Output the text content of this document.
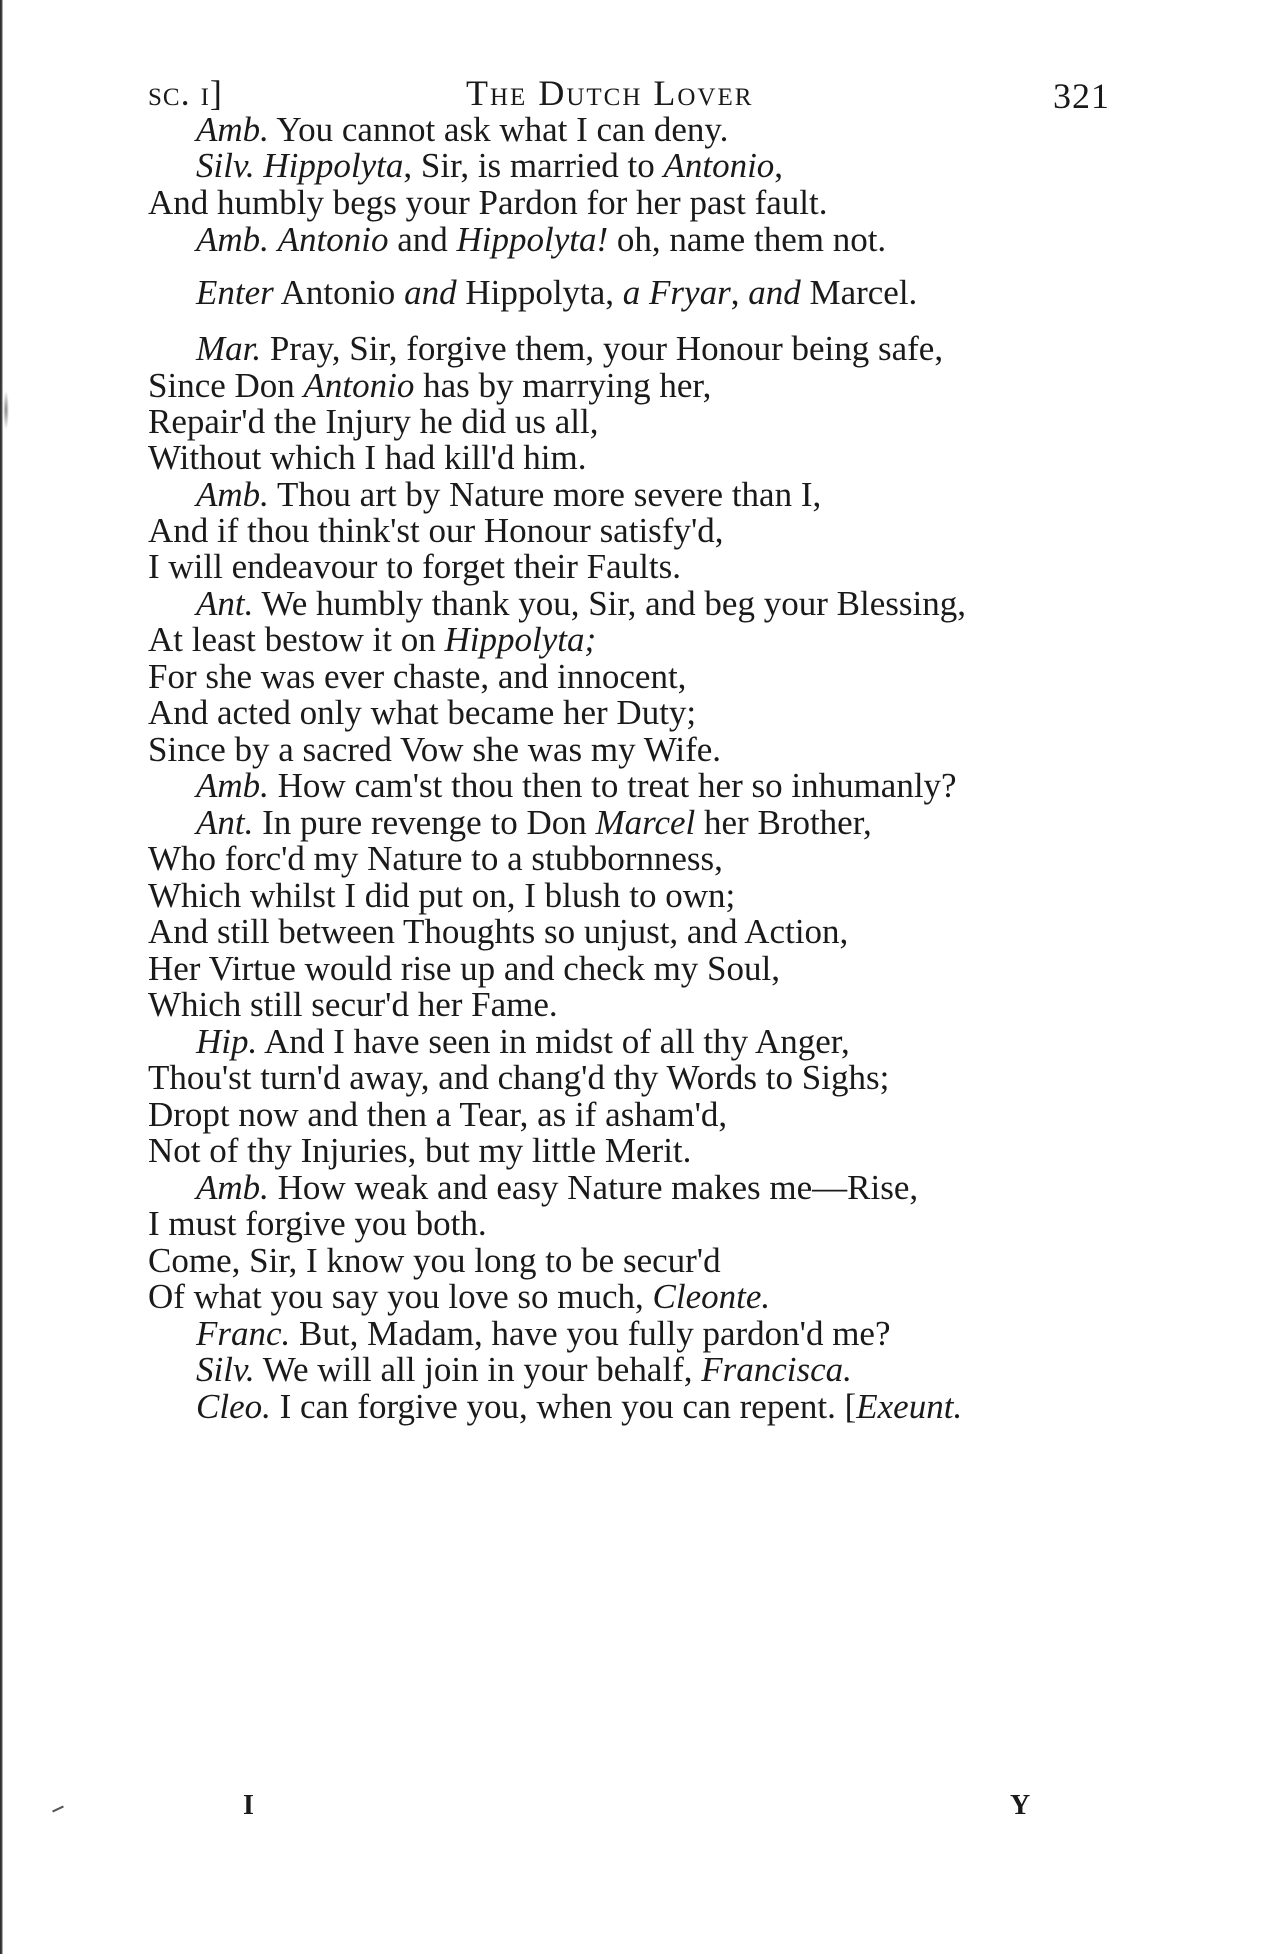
sc. i]	The Dutch Lover	321
Amb. You cannot ask what I can deny.
Silv. Hippolyta, Sir, is married to Antonio,
And humbly begs your Pardon for her past fault.
Amb. Antonio and Hippolyta! oh, name them not.
Enter Antonio and Hippolyta, a Fryar, and Marcel.
Mar. Pray, Sir, forgive them, your Honour being safe,
Since Don Antonio has by marrying her,
Repair'd the Injury he did us all,
Without which I had kill'd him.
Amb. Thou art by Nature more severe than I,
And if thou think'st our Honour satisfy'd,
I will endeavour to forget their Faults.
Ant. We humbly thank you, Sir, and beg your Blessing,
At least bestow it on Hippolyta;
For she was ever chaste, and innocent,
And acted only what became her Duty;
Since by a sacred Vow she was my Wife.
Amb. How cam'st thou then to treat her so inhumanly?
Ant. In pure revenge to Don Marcel her Brother,
Who forc'd my Nature to a stubbornness,
Which whilst I did put on, I blush to own;
And still between Thoughts so unjust, and Action,
Her Virtue would rise up and check my Soul,
Which still secur'd her Fame.
Hip. And I have seen in midst of all thy Anger,
Thou'st turn'd away, and chang'd thy Words to Sighs;
Dropt now and then a Tear, as if asham'd,
Not of thy Injuries, but my little Merit.
Amb. How weak and easy Nature makes me—Rise,
I must forgive you both.
Come, Sir, I know you long to be secur'd
Of what you say you love so much, Cleonte.
Franc. But, Madam, have you fully pardon'd me?
Silv. We will all join in your behalf, Francisca.
Cleo. I can forgive you, when you can repent. [Exeunt.
I	Y
